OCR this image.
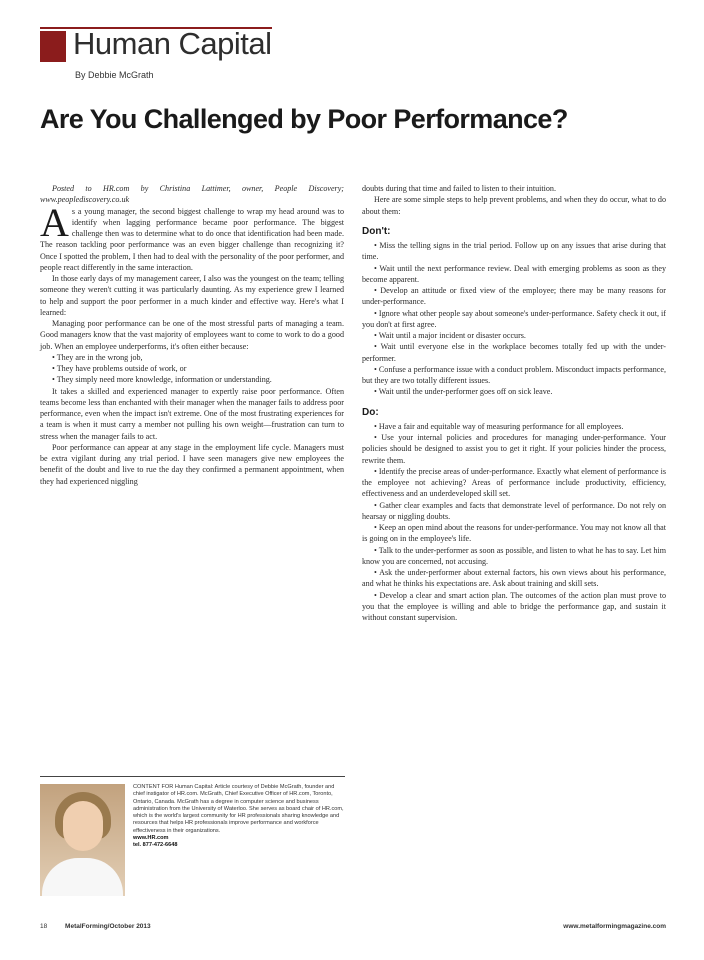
Human Capital
By Debbie McGrath
Are You Challenged by Poor Performance?

Posted to HR.com by Christina Lattimer, owner, People Discovery; www.peoplediscovery.co.uk

As a young manager, the second biggest challenge to wrap my head around was to identify when lagging performance became poor performance. The biggest challenge then was to determine what to do once that identification had been made. The reason tackling poor performance was an even bigger challenge than recognizing it? Once I spotted the problem, I then had to deal with the personality of the poor performer, and people react differently in the same interaction.

In those early days of my management career, I also was the youngest on the team; telling someone they weren't cutting it was particularly daunting. As my experience grew I learned to help and support the poor performer in a much kinder and effective way. Here's what I learned:

Managing poor performance can be one of the most stressful parts of managing a team. Good managers know that the vast majority of employees want to come to work to do a good job. When an employee underperforms, it's often either because:

• They are in the wrong job,

• They have problems outside of work, or

• They simply need more knowledge, information or understanding.

It takes a skilled and experienced manager to expertly raise poor performance. Often teams become less than enchanted with their manager when the manager fails to address poor performance, even when the impact isn't extreme. One of the most frustrating experiences for a team is when it must carry a member not pulling his own weight—frustration can turn to stress when the manager fails to act.

Poor performance can appear at any stage in the employment life cycle. Managers must be extra vigilant during any trial period. I have seen managers give new employees the benefit of the doubt and live to rue the day they confirmed a permanent appointment, when they had experienced niggling

doubts during that time and failed to listen to their intuition.

Here are some simple steps to help prevent problems, and when they do occur, what to do about them:

Don't:

• Miss the telling signs in the trial period. Follow up on any issues that arise during that time.

• Wait until the next performance review. Deal with emerging problems as soon as they become apparent.

• Develop an attitude or fixed view of the employee; there may be many reasons for under-performance.

• Ignore what other people say about someone's under-performance. Safety check it out, if you don't at first agree.

• Wait until a major incident or disaster occurs.

• Wait until everyone else in the workplace becomes totally fed up with the under-performer.

• Confuse a performance issue with a conduct problem. Misconduct impacts performance, but they are two totally different issues.

• Wait until the under-performer goes off on sick leave.

Do:

• Have a fair and equitable way of measuring performance for all employees.

• Use your internal policies and procedures for managing under-performance. Your policies should be designed to assist you to get it right. If your policies hinder the process, rewrite them.

• Identify the precise areas of under-performance. Exactly what element of performance is the employee not achieving? Areas of performance include productivity, efficiency, effectiveness and an underdeveloped skill set.

• Gather clear examples and facts that demonstrate level of performance. Do not rely on hearsay or niggling doubts.

• Keep an open mind about the reasons for under-performance. You may not know all that is going on in the employee's life.

• Talk to the under-performer as soon as possible, and listen to what he has to say. Let him know you are concerned, not accusing.

• Ask the under-performer about external factors, his own views about his performance, and what he thinks his expectations are. Ask about training and skill sets.

• Develop a clear and smart action plan. The outcomes of the action plan must prove to you that the employee is willing and able to bridge the performance gap, and sustain it without constant supervision.

CONTENT FOR Human Capital: Article courtesy of Debbie McGrath, founder and chief instigator of HR.com. McGrath, Chief Executive Officer of HR.com, Toronto, Ontario, Canada. McGrath has a degree in computer science and business administration from the University of Waterloo. She serves as board chair of HR.com, which is the world's largest community for HR professionals sharing knowledge and resources that helps HR professionals improve performance and workforce effectiveness in their organizations.

www.HR.com

tel. 877-472-6648

18	MetalForming/October 2013	www.metalformingmagazine.com
